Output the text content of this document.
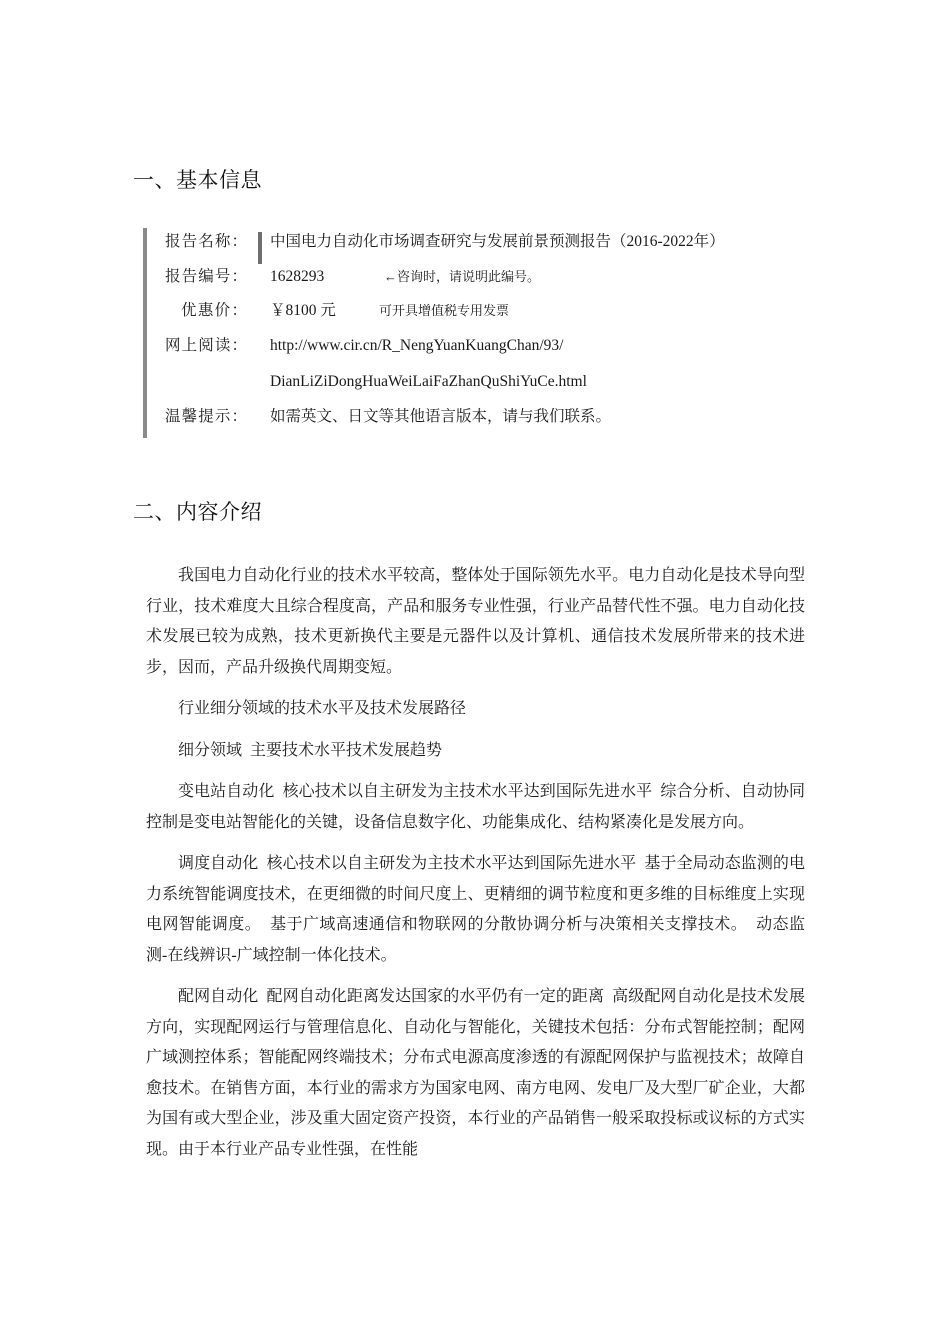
一、基本信息
报告名称： 中国电力自动化市场调查研究与发展前景预测报告（2016-2022年）
报告编号： 1628293	←咨询时，请说明此编号。
优惠价： ￥8100 元	可开具增值税专用发票
网上阅读： http://www.cir.cn/R_NengYuanKuangChan/93/
DianLiZiDongHuaWeiLaiFaZhanQuShiYuCe.html
温馨提示： 如需英文、日文等其他语言版本，请与我们联系。
二、内容介绍

我国电力自动化行业的技术水平较高，整体处于国际领先水平。电力自动化是技术导向型行业，技术难度大且综合程度高，产品和服务专业性强，行业产品替代性不强。电力自动化技术发展已较为成熟，技术更新换代主要是元器件以及计算机、通信技术发展所带来的技术进步，因而，产品升级换代周期变短。

行业细分领域的技术水平及技术发展路径

细分领域  主要技术水平技术发展趋势

变电站自动化  核心技术以自主研发为主技术水平达到国际先进水平  综合分析、自动协同控制是变电站智能化的关键，设备信息数字化、功能集成化、结构紧凑化是发展方向。

调度自动化  核心技术以自主研发为主技术水平达到国际先进水平  基于全局动态监测的电力系统智能调度技术，在更细微的时间尺度上、更精细的调节粒度和更多维的目标维度上实现电网智能调度。  基于广域高速通信和物联网的分散协调分析与决策相关支撑技术。  动态监测-在线辨识-广域控制一体化技术。

配网自动化  配网自动化距离发达国家的水平仍有一定的距离  高级配网自动化是技术发展方向，实现配网运行与管理信息化、自动化与智能化，关键技术包括：分布式智能控制；配网广域测控体系；智能配网终端技术；分布式电源高度渗透的有源配网保护与监视技术；故障自愈技术。在销售方面，本行业的需求方为国家电网、南方电网、发电厂及大型厂矿企业，大都为国有或大型企业，涉及重大固定资产投资，本行业的产品销售一般采取投标或议标的方式实现。由于本行业产品专业性强，在性能
